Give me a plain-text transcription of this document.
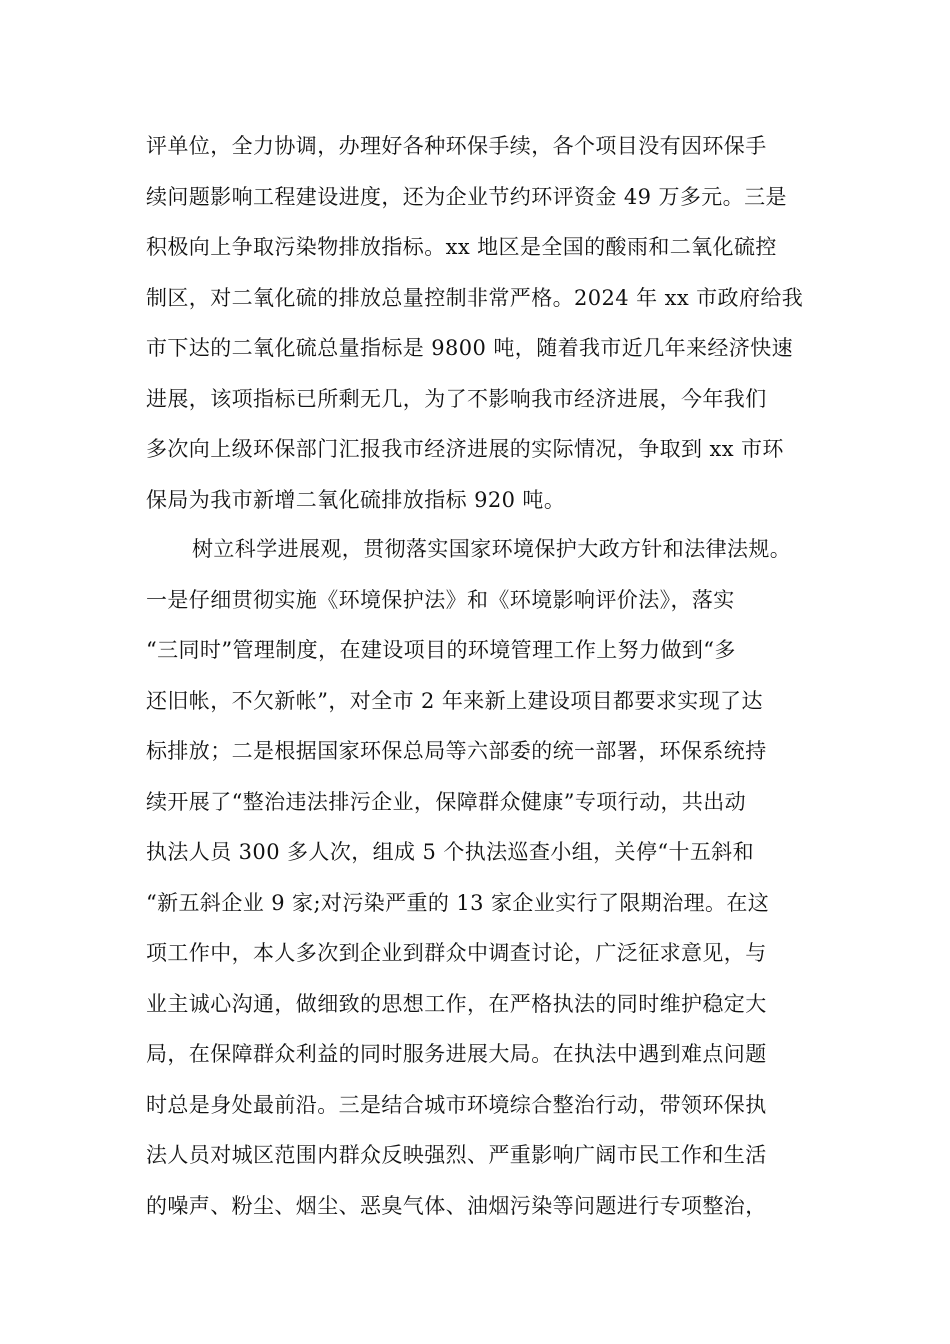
评单位，全力协调，办理好各种环保手续，各个项目没有因环保手
续问题影响工程建设进度，还为企业节约环评资金 49 万多元。三是
积极向上争取污染物排放指标。xx 地区是全国的酸雨和二氧化硫控
制区，对二氧化硫的排放总量控制非常严格。2024 年 xx 市政府给我
市下达的二氧化硫总量指标是 9800 吨，随着我市近几年来经济快速
进展，该项指标已所剩无几，为了不影响我市经济进展，今年我们
多次向上级环保部门汇报我市经济进展的实际情况，争取到 xx 市环
保局为我市新增二氧化硫排放指标 920 吨。
树立科学进展观，贯彻落实国家环境保护大政方针和法律法规。
一是仔细贯彻实施《环境保护法》和《环境影响评价法》，落实
“三同时”管理制度，在建设项目的环境管理工作上努力做到“多
还旧帐，不欠新帐”，对全市 2 年来新上建设项目都要求实现了达
标排放；二是根据国家环保总局等六部委的统一部署，环保系统持
续开展了“整治违法排污企业，保障群众健康”专项行动，共出动
执法人员 300 多人次，组成 5 个执法巡查小组，关停“十五斜和
“新五斜企业 9 家;对污染严重的 13 家企业实行了限期治理。在这
项工作中，本人多次到企业到群众中调查讨论，广泛征求意见，与
业主诚心沟通，做细致的思想工作，在严格执法的同时维护稳定大
局，在保障群众利益的同时服务进展大局。在执法中遇到难点问题
时总是身处最前沿。三是结合城市环境综合整治行动，带领环保执
法人员对城区范围内群众反映强烈、严重影响广阔市民工作和生活
的噪声、粉尘、烟尘、恶臭气体、油烟污染等问题进行专项整治，
